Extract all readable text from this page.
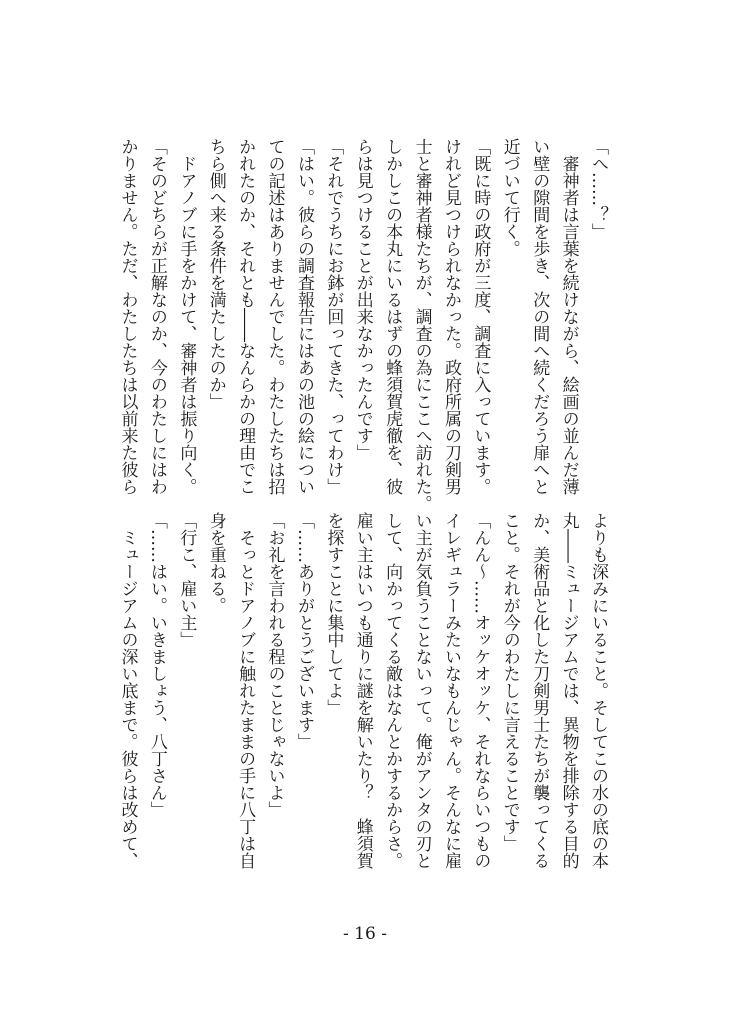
「へ……？」
　審神者は言葉を続けながら、絵画の並んだ薄
い壁の隙間を歩き、次の間へ続くだろう扉へと
近づいて行く。
「既に時の政府が三度、調査に入っています。
けれど見つけられなかった。政府所属の刀剣男
士と審神者様たちが、調査の為にここへ訪れた。
しかしこの本丸にいるはずの蜂須賀虎徹を、彼
らは見つけることが出来なかったんです」
「それでうちにお鉢が回ってきた、ってわけ」
「はい。彼らの調査報告にはあの池の絵につい
ての記述はありませんでした。わたしたちは招
かれたのか、それとも――なんらかの理由でこ
ちら側へ来る条件を満たしたのか」
　ドアノブに手をかけて、審神者は振り向く。
「そのどちらが正解なのか、今のわたしにはわ
かりません。ただ、わたしたちは以前来た彼ら
よりも深みにいること。そしてこの水の底の本
丸――ミュージアムでは、異物を排除する目的
か、美術品と化した刀剣男士たちが襲ってくる
こと。それが今のわたしに言えることです」
「んん～……オッケオッケ、それならいつもの
イレギュラーみたいなもんじゃん。そんなに雇
い主が気負うことないって。俺がアンタの刃と
して、向かってくる敵はなんとかするからさ。
雇い主はいつも通りに謎を解いたり？　蜂須賀
を探すことに集中してよ」
「……ありがとうございます」
「お礼を言われる程のことじゃないよ」
　そっとドアノブに触れたままの手に八丁は自
身を重ねる。
「行こ、雇い主」
「……はい。いきましょう、八丁さん」
　ミュージアムの深い底まで。彼らは改めて、
- 16 -
